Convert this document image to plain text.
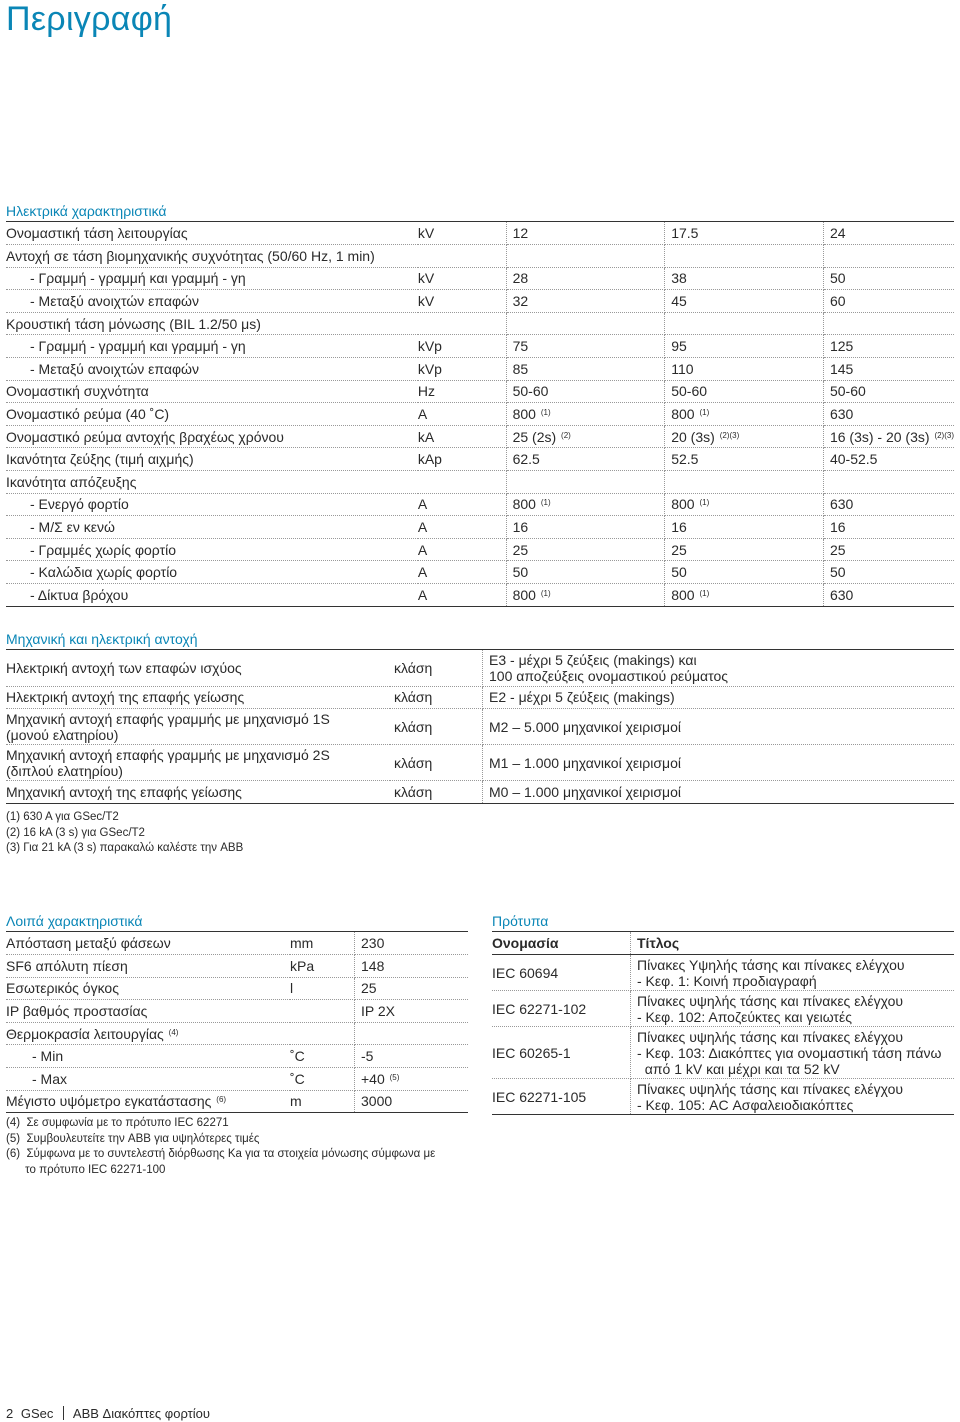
Περιγραφή
Ηλεκτρικά χαρακτηριστικά
Ονομαστική τάση λειτουργίας	kV	12	17.5	24
Αντοχή σε τάση βιομηχανικής συχνότητας (50/60 Hz, 1 min)				
- Γραμμή - γραμμή και γραμμή - γη	kV	28	38	50
- Μεταξύ ανοιχτών επαφών	kV	32	45	60
Κρουστική τάση μόνωσης (BIL 1.2/50 μs)				
- Γραμμή - γραμμή και γραμμή - γη	kVp	75	95	125
- Μεταξύ ανοιχτών επαφών	kVp	85	110	145
Ονομαστική συχνότητα	Hz	50-60	50-60	50-60
Ονομαστικό ρεύμα (40 ˚C)	A	800 $^{(1)}$	800 $^{(1)}$	630
Ονομαστικό ρεύμα αντοχής βραχέως χρόνου	kA	25 (2s) $^{(2)}$	20 (3s) $^{(2)(3)}$	16 (3s) - 20 (3s) $^{(2)(3)}$
Ικανότητα ζεύξης (τιμή αιχμής)	kAp	62.5	52.5	40-52.5
Ικανότητα απόζευξης				
- Ενεργό φορτίο	A	800 $^{(1)}$	800 $^{(1)}$	630
- Μ/Σ εν κενώ	A	16	16	16
- Γραμμές χωρίς φορτίο	A	25	25	25
- Καλώδια χωρίς φορτίο	A	50	50	50
- Δίκτυα βρόχου	A	800 $^{(1)}$	800 $^{(1)}$	630
Μηχανική και ηλεκτρική αντοχή
Ηλεκτρική αντοχή των επαφών ισχύος	κλάση	E3 - μέχρι 5 ζεύξεις (makings) και
100 αποζεύξεις ονομαστικού ρεύματος

Ηλεκτρική αντοχή της επαφής γείωσης	κλάση	E2 - μέχρι 5 ζεύξεις (makings)

Μηχανική αντοχή επαφής γραμμής με μηχανισμό 1S
(μονού ελατηρίου)	κλάση	M2 – 5.000 μηχανικοί χειρισμοί

Μηχανική αντοχή επαφής γραμμής με μηχανισμό 2S
(διπλού ελατηρίου)	κλάση	M1 – 1.000 μηχανικοί χειρισμοί

Μηχανική αντοχή της επαφής γείωσης	κλάση	M0 – 1.000 μηχανικοί χειρισμοί
(1) 630 A για GSec/T2
(2) 16 kA (3 s) για GSec/T2
(3) Για 21 kA (3 s) παρακαλώ καλέστε την ABB
Λοιπά χαρακτηριστικά
Απόσταση μεταξύ φάσεων	mm	230
SF6 απόλυτη πίεση	kPa	148
Εσωτερικός όγκος	l	25
IP βαθμός προστασίας		IP 2X
Θερμοκρασία λειτουργίας $^{(4)}$		
- Min	˚C	-5
- Max	˚C	+40 $^{(5)}$
Μέγιστο υψόμετρο εγκατάστασης $^{(6)}$	m	3000
(4)  Σε συμφωνία με το πρότυπο IEC 62271
(5)  Συμβουλευτείτε την ABB για υψηλότερες τιμές
(6)  Σύμφωνα με το συντελεστή διόρθωσης Ka για τα στοιχεία μόνωσης σύμφωνα με
το πρότυπο IEC 62271-100
Πρότυπα
Ονομασία	Τίτλος
IEC 60694	Πίνακες Υψηλής τάσης και πίνακες ελέγχου
- Κεφ. 1: Κοινή προδιαγραφή

IEC 62271-102	Πίνακες υψηλής τάσης και πίνακες ελέγχου
- Κεφ. 102: Αποζεύκτες και γειωτές

IEC 60265-1	Πίνακες υψηλής τάσης και πίνακες ελέγχου
- Κεφ. 103: Διακόπτες για ονομαστική τάση πάνω
από 1 kV και μέχρι και τα 52 kV

IEC 62271-105	Πίνακες υψηλής τάσης και πίνακες ελέγχου
- Κεφ. 105: AC Ασφαλειοδιακόπτες
2 GSec ABB Διακόπτες φορτίου
